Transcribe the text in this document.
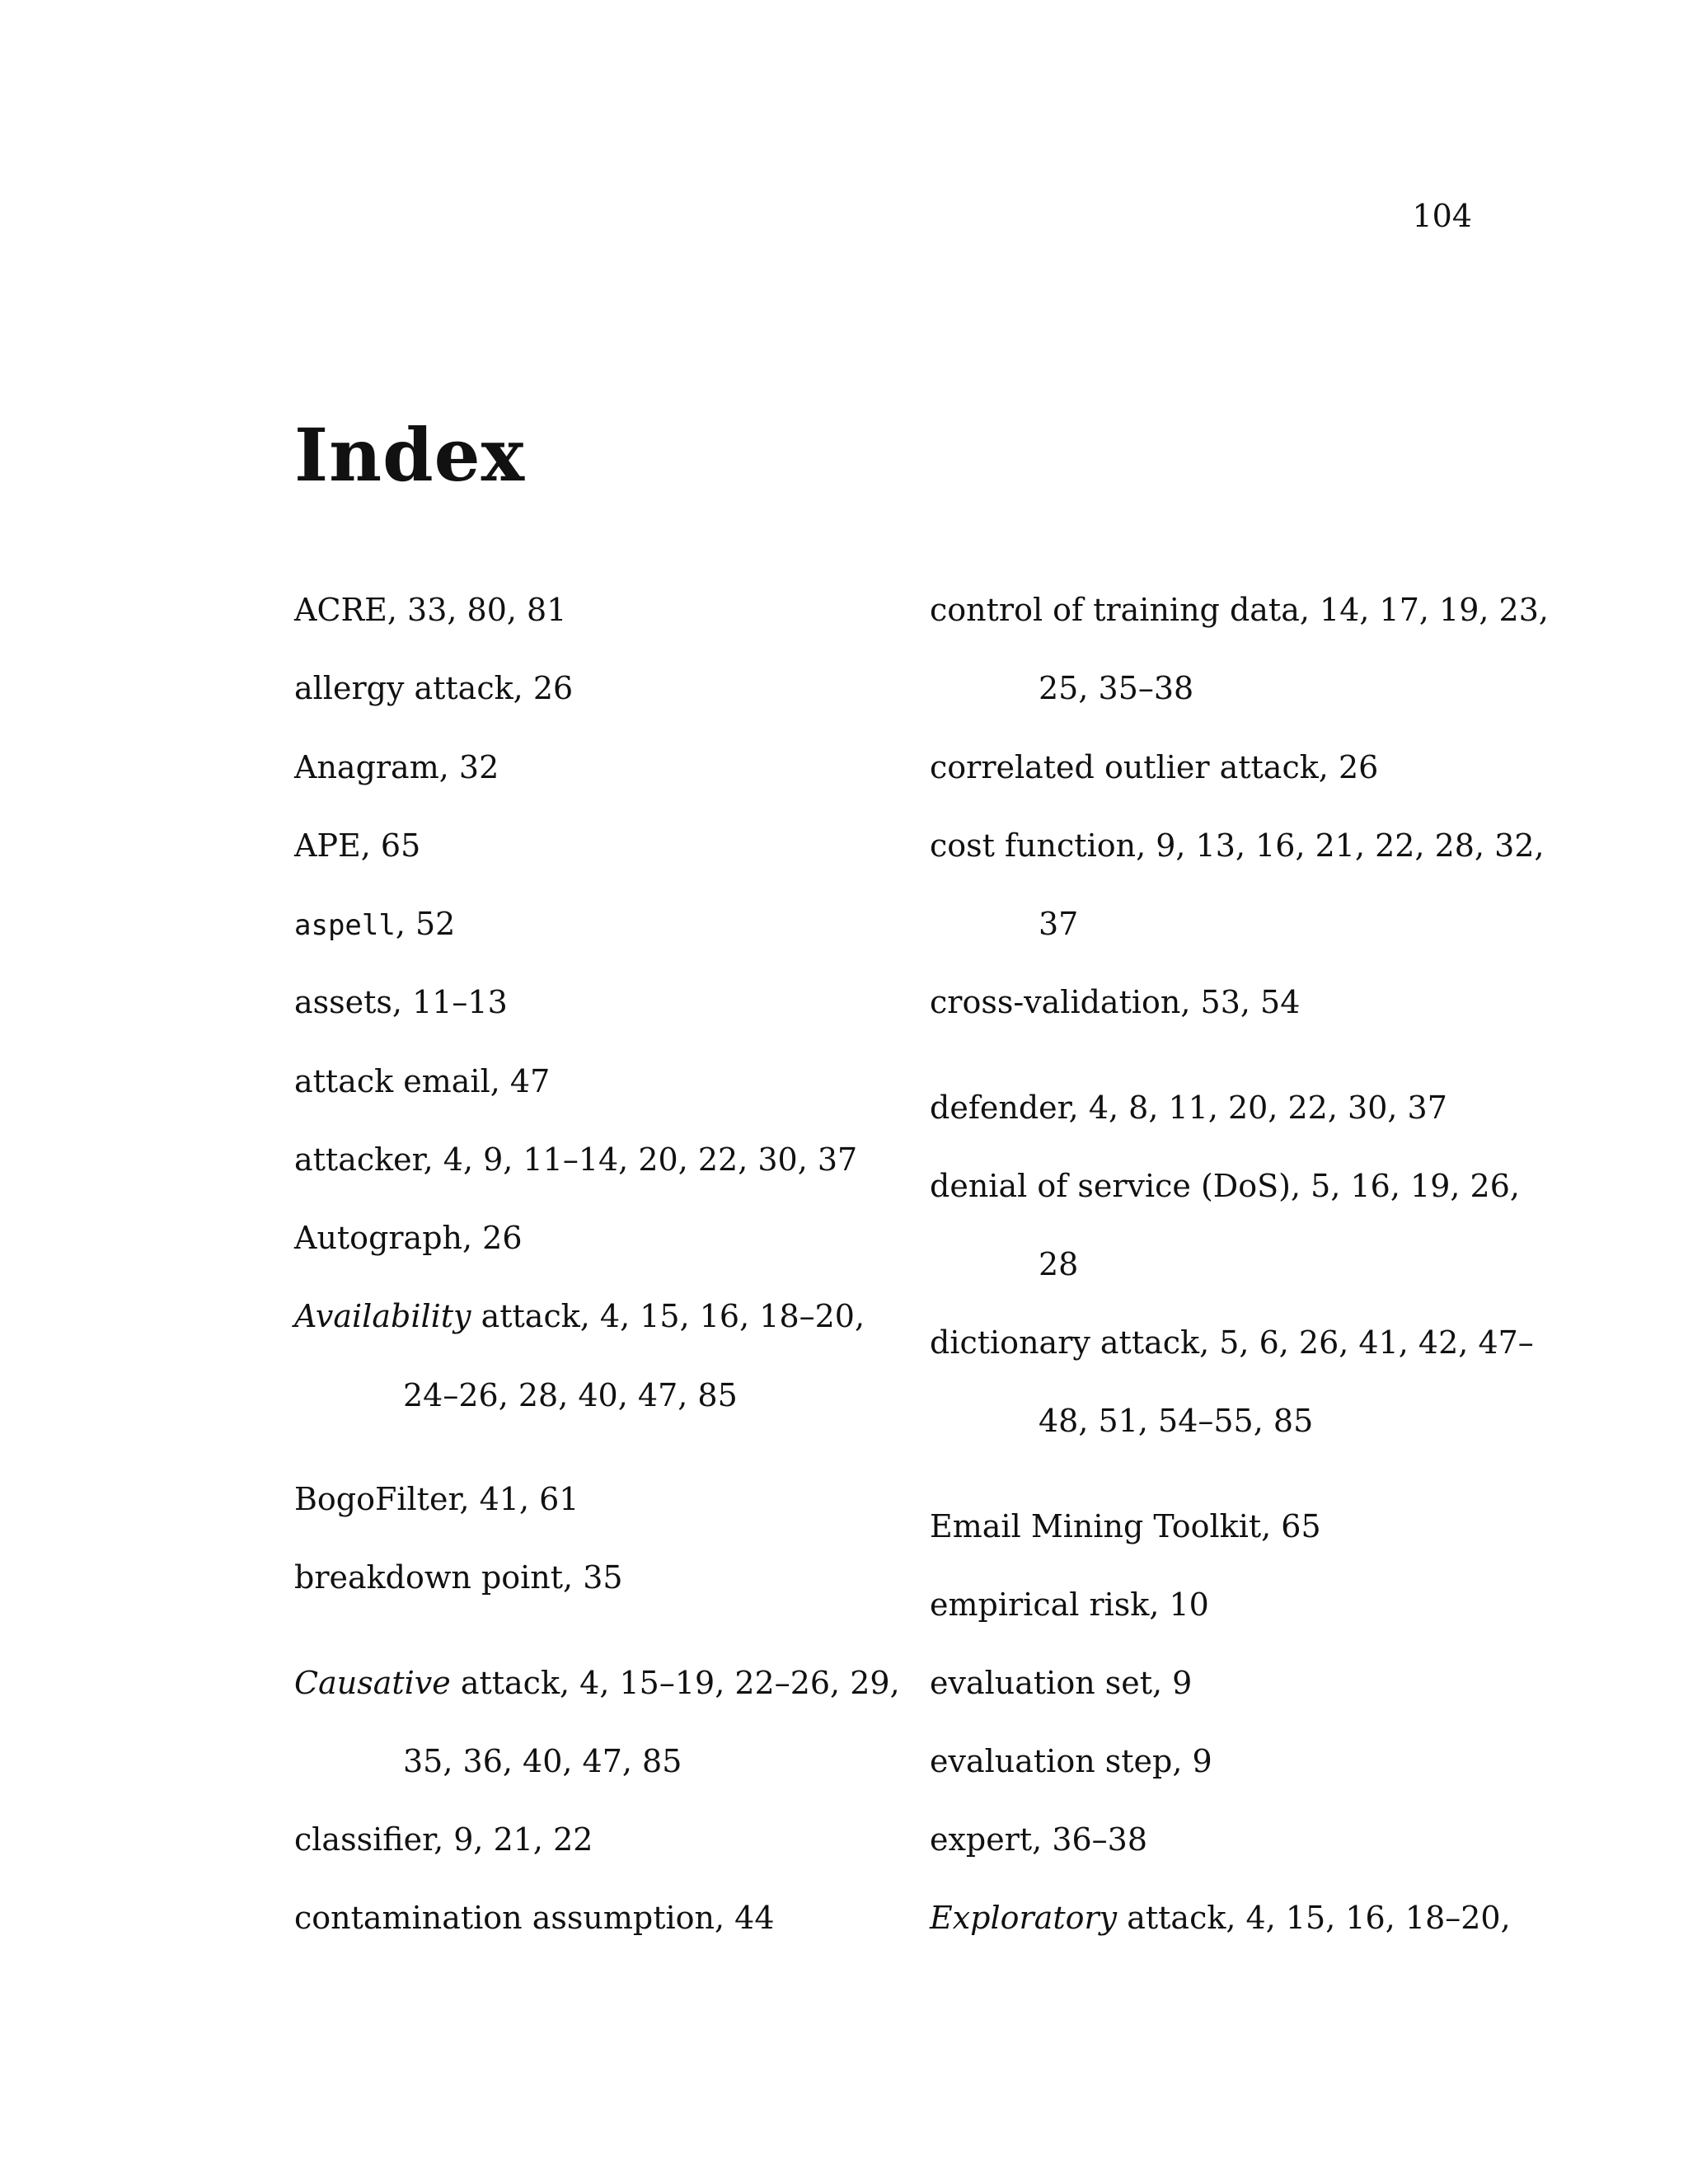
104
Index
ACRE, 33, 80, 81
allergy attack, 26
Anagram, 32
APE, 65
aspell, 52
assets, 11–13
attack email, 47
attacker, 4, 9, 11–14, 20, 22, 30, 37
Autograph, 26
Availability attack, 4, 15, 16, 18–20,
24–26, 28, 40, 47, 85
BogoFilter, 41, 61
breakdown point, 35
Causative attack, 4, 15–19, 22–26, 29,
35, 36, 40, 47, 85
classifier, 9, 21, 22
contamination assumption, 44
control of training data, 14, 17, 19, 23,
25, 35–38
correlated outlier attack, 26
cost function, 9, 13, 16, 21, 22, 28, 32,
37
cross-validation, 53, 54
defender, 4, 8, 11, 20, 22, 30, 37
denial of service (DoS), 5, 16, 19, 26,
28
dictionary attack, 5, 6, 26, 41, 42, 47–
48, 51, 54–55, 85
Email Mining Toolkit, 65
empirical risk, 10
evaluation set, 9
evaluation step, 9
expert, 36–38
Exploratory attack, 4, 15, 16, 18–20,
